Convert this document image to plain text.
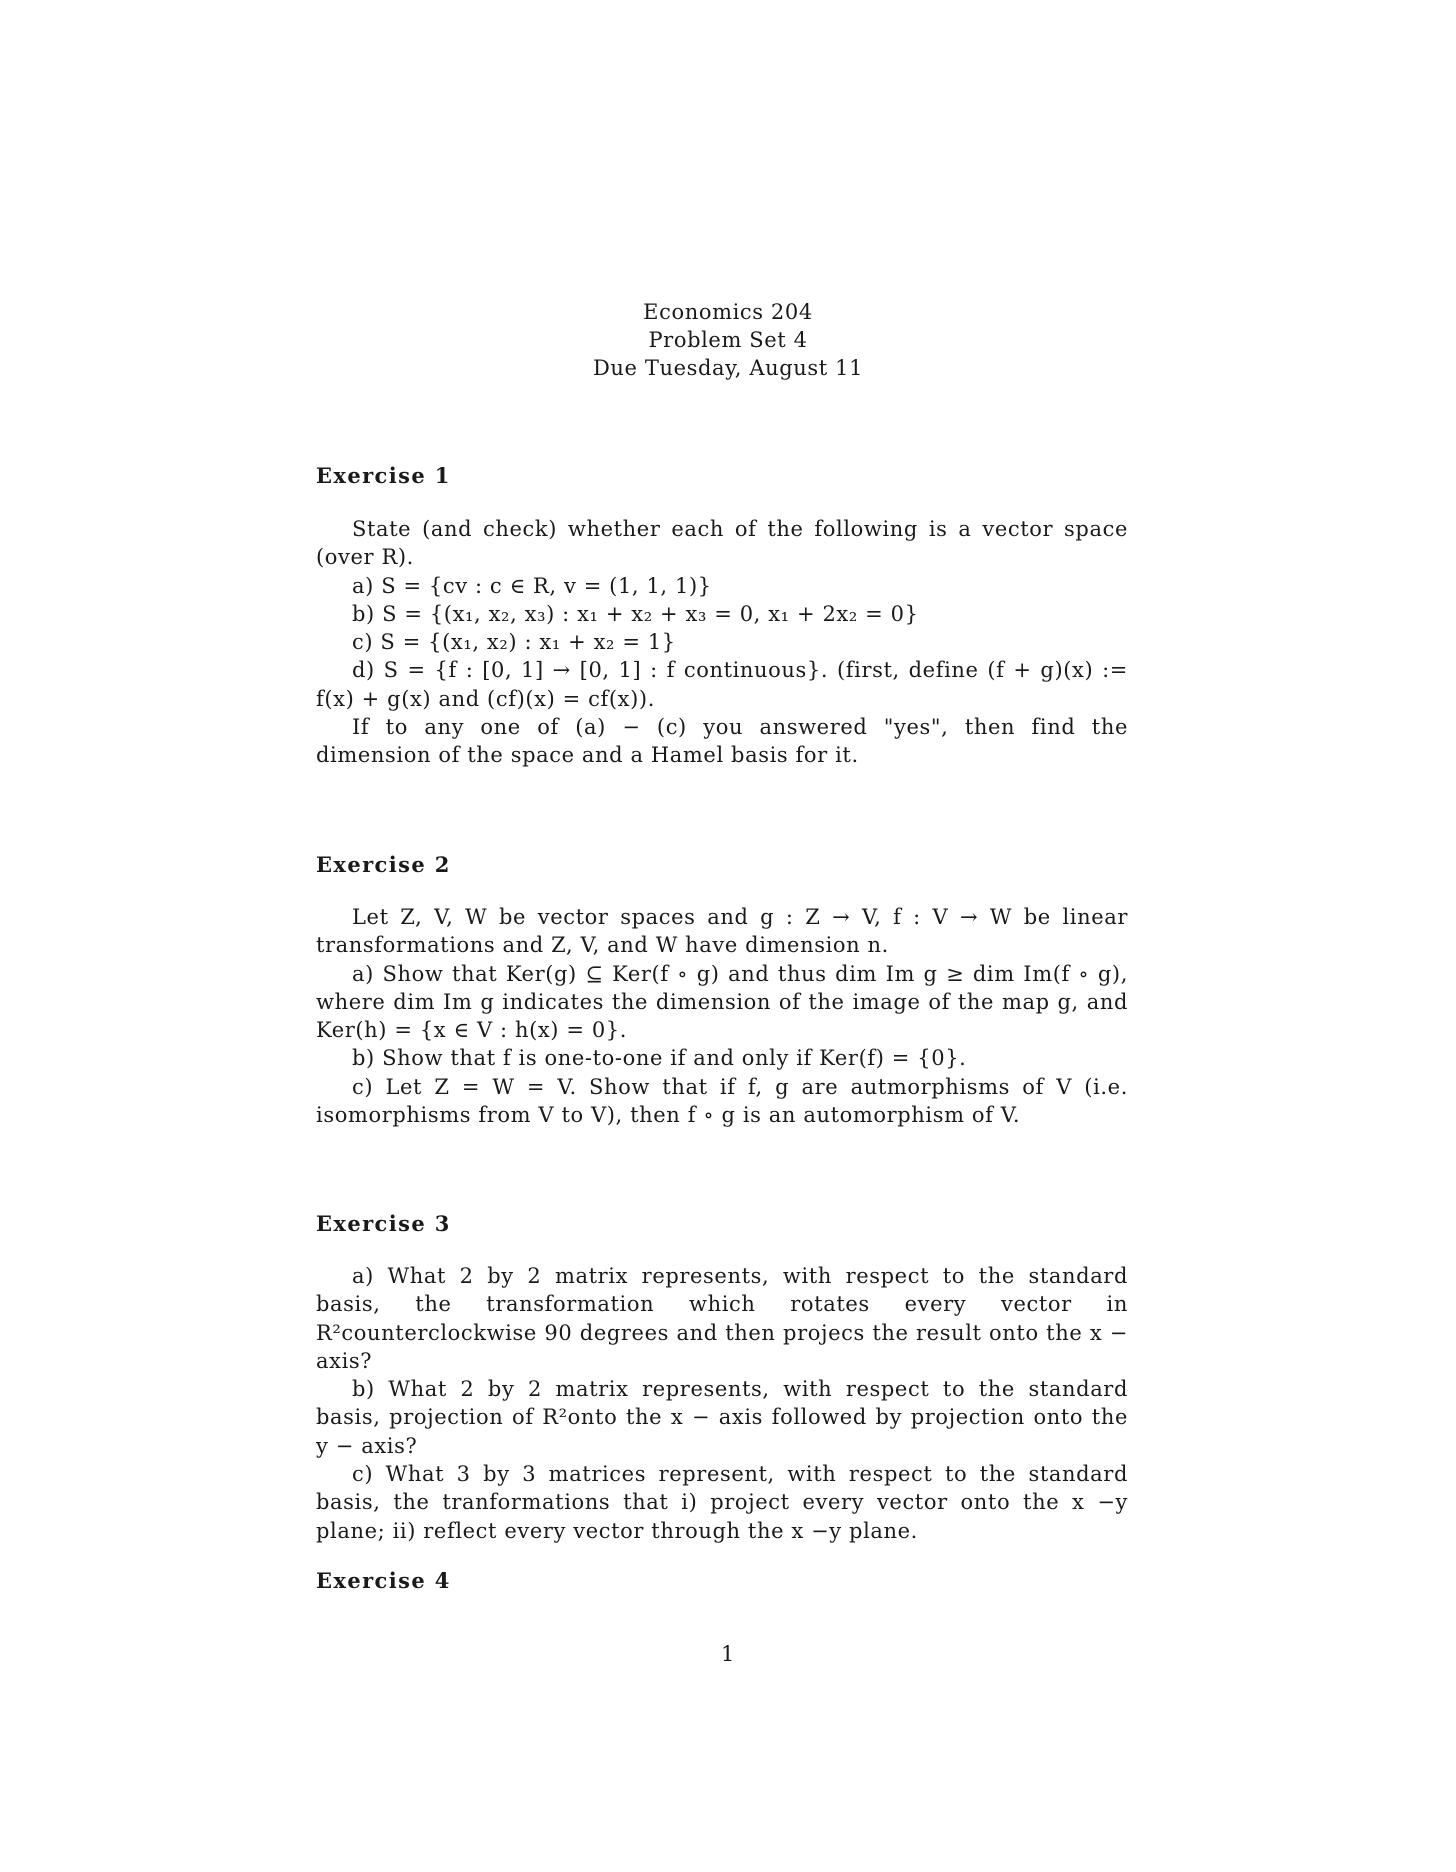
Economics 204
Problem Set 4
Due Tuesday, August 11
Exercise 1

State (and check) whether each of the following is a vector space (over R).

a) S = {cv : c ∈ R, v = (1, 1, 1)}

b) S = {(x₁, x₂, x₃) : x₁ + x₂ + x₃ = 0, x₁ + 2x₂ = 0}

c) S = {(x₁, x₂) : x₁ + x₂ = 1}

d) S = {f : [0, 1] → [0, 1] : f continuous}. (first, define (f + g)(x) := f(x) + g(x) and (cf)(x) = cf(x)).

If to any one of (a) − (c) you answered "yes", then find the dimension of the space and a Hamel basis for it.

Exercise 2

Let Z, V, W be vector spaces and g : Z → V, f : V → W be linear transformations and Z, V, and W have dimension n.

a) Show that Ker(g) ⊆ Ker(f ∘ g) and thus dim Im g ≥ dim Im(f ∘ g), where dim Im g indicates the dimension of the image of the map g, and Ker(h) = {x ∈ V : h(x) = 0}.

b) Show that f is one-to-one if and only if Ker(f) = {0}.

c) Let Z = W = V. Show that if f, g are autmorphisms of V (i.e. isomorphisms from V to V), then f ∘ g is an automorphism of V.

Exercise 3

a) What 2 by 2 matrix represents, with respect to the standard basis, the transformation which rotates every vector in R²counterclockwise 90 degrees and then projecs the result onto the x − axis?

b) What 2 by 2 matrix represents, with respect to the standard basis, projection of R²onto the x − axis followed by projection onto the y − axis?

c) What 3 by 3 matrices represent, with respect to the standard basis, the tranformations that i) project every vector onto the x −y plane; ii) reflect every vector through the x −y plane.

Exercise 4
1
